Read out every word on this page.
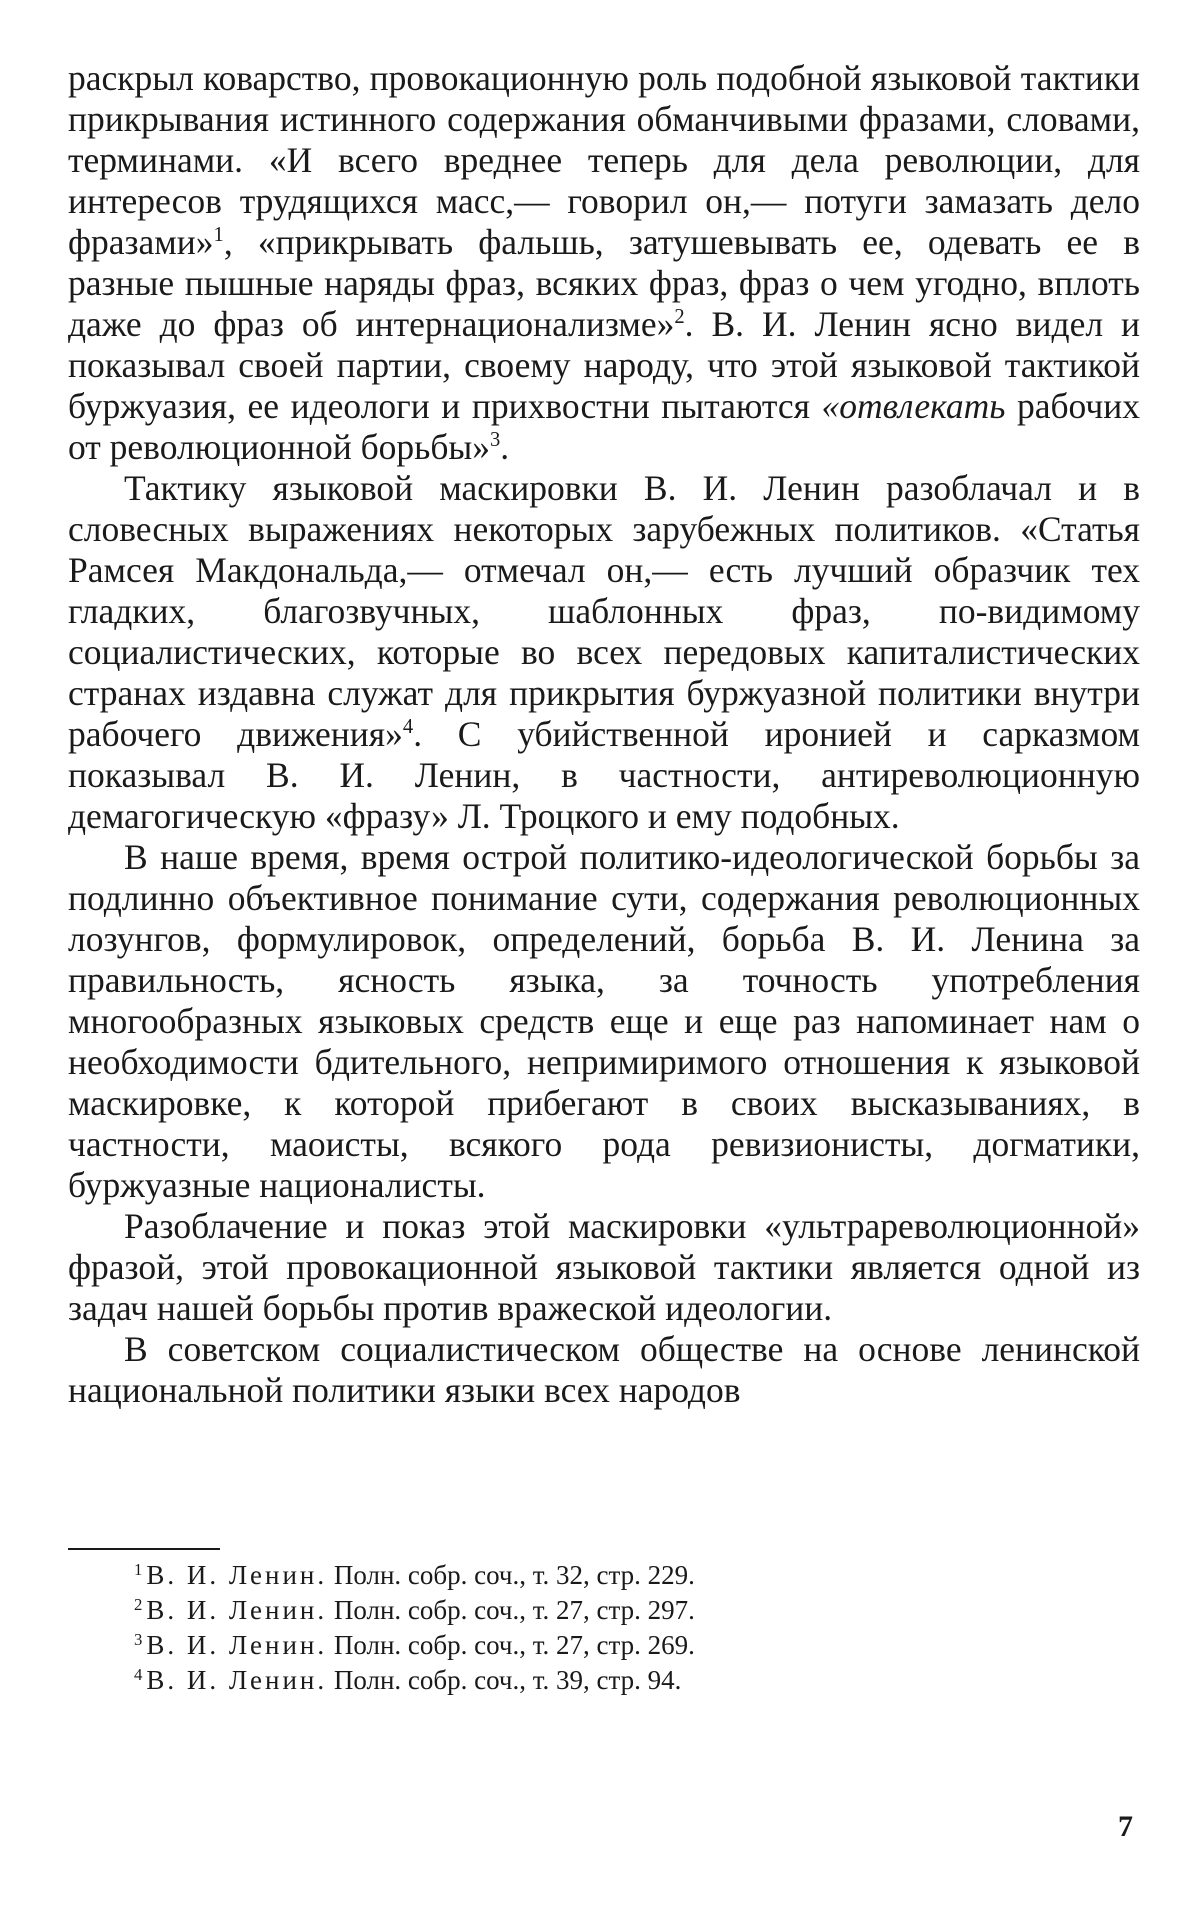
раскрыл коварство, провокационную роль подобной языковой тактики прикрывания истинного содержания обманчивыми фразами, словами, терминами. «И всего вреднее теперь для дела революции, для интересов трудящихся масс,— говорил он,— потуги замазать дело фразами»$^1$, «прикрывать фальшь, затушевывать ее, одевать ее в разные пышные наряды фраз, всяких фраз, фраз о чем угодно, вплоть даже до фраз об интернационализме»$^2$. В. И. Ленин ясно видел и показывал своей партии, своему народу, что этой языковой тактикой буржуазия, ее идеологи и прихвостни пытаются «отвлекать рабочих от революционной борьбы»$^3$.

Тактику языковой маскировки В. И. Ленин разоблачал и в словесных выражениях некоторых зарубежных политиков. «Статья Рамсея Макдональда,— отмечал он,— есть лучший образчик тех гладких, благозвучных, шаблонных фраз, по-видимому социалистических, которые во всех передовых капиталистических странах издавна служат для прикрытия буржуазной политики внутри рабочего движения»$^4$. С убийственной иронией и сарказмом показывал В. И. Ленин, в частности, антиреволюционную демагогическую «фразу» Л. Троцкого и ему подобных.

В наше время, время острой политико-идеологической борьбы за подлинно объективное понимание сути, содержания революционных лозунгов, формулировок, определений, борьба В. И. Ленина за правильность, ясность языка, за точность употребления многообразных языковых средств еще и еще раз напоминает нам о необходимости бдительного, непримиримого отношения к языковой маскировке, к которой прибегают в своих высказываниях, в частности, маоисты, всякого рода ревизионисты, догматики, буржуазные националисты.

Разоблачение и показ этой маскировки «ультрареволюционной» фразой, этой провокационной языковой тактики является одной из задач нашей борьбы против вражеской идеологии.

В советском социалистическом обществе на основе ленинской национальной политики языки всех народов

$^1$ В. И. Ленин. Полн. собр. соч., т. 32, стр. 229.
$^2$ В. И. Ленин. Полн. собр. соч., т. 27, стр. 297.
$^3$ В. И. Ленин. Полн. собр. соч., т. 27, стр. 269.
$^4$ В. И. Ленин. Полн. собр. соч., т. 39, стр. 94.
7
